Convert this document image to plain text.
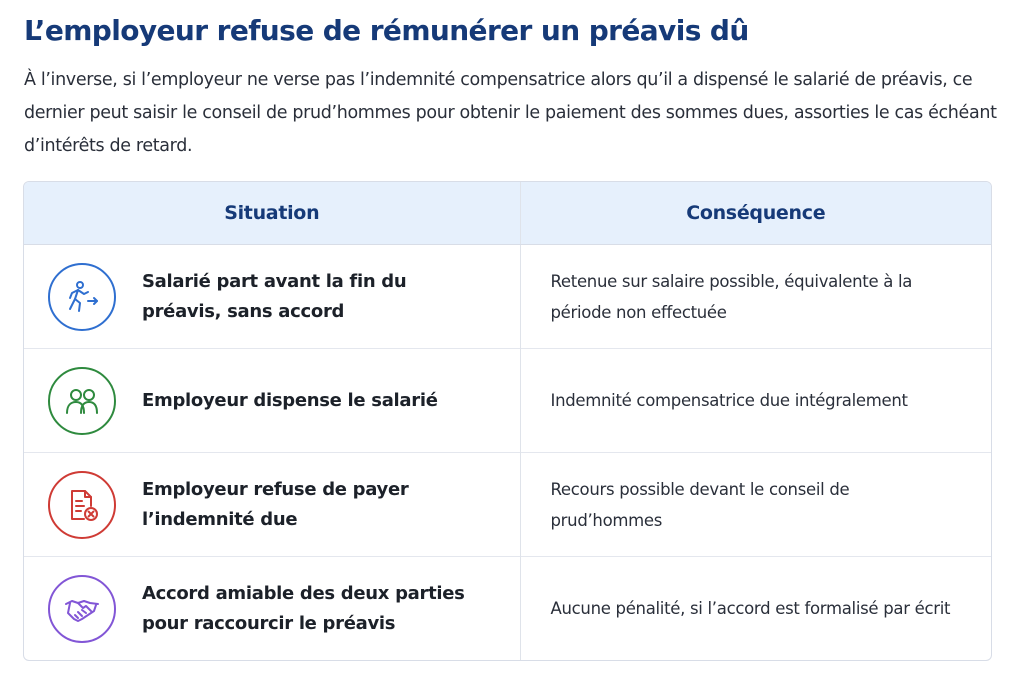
L’employeur refuse de rémunérer un préavis dû

À l’inverse, si l’employeur ne verse pas l’indemnité compensatrice alors qu’il a dispensé le salarié de préavis, ce dernier peut saisir le conseil de prud’hommes pour obtenir le paiement des sommes dues, assorties le cas échéant d’intérêts de retard.

Situation	Conséquence

Salarié part avant la fin du préavis, sans accord	Retenue sur salaire possible, équivalente à la période non effectuée

Employeur dispense le salarié	Indemnité compensatrice due intégralement

Employeur refuse de payer l’indemnité due	Recours possible devant le conseil de prud’hommes

Accord amiable des deux parties pour raccourcir le préavis	Aucune pénalité, si l’accord est formalisé par écrit
